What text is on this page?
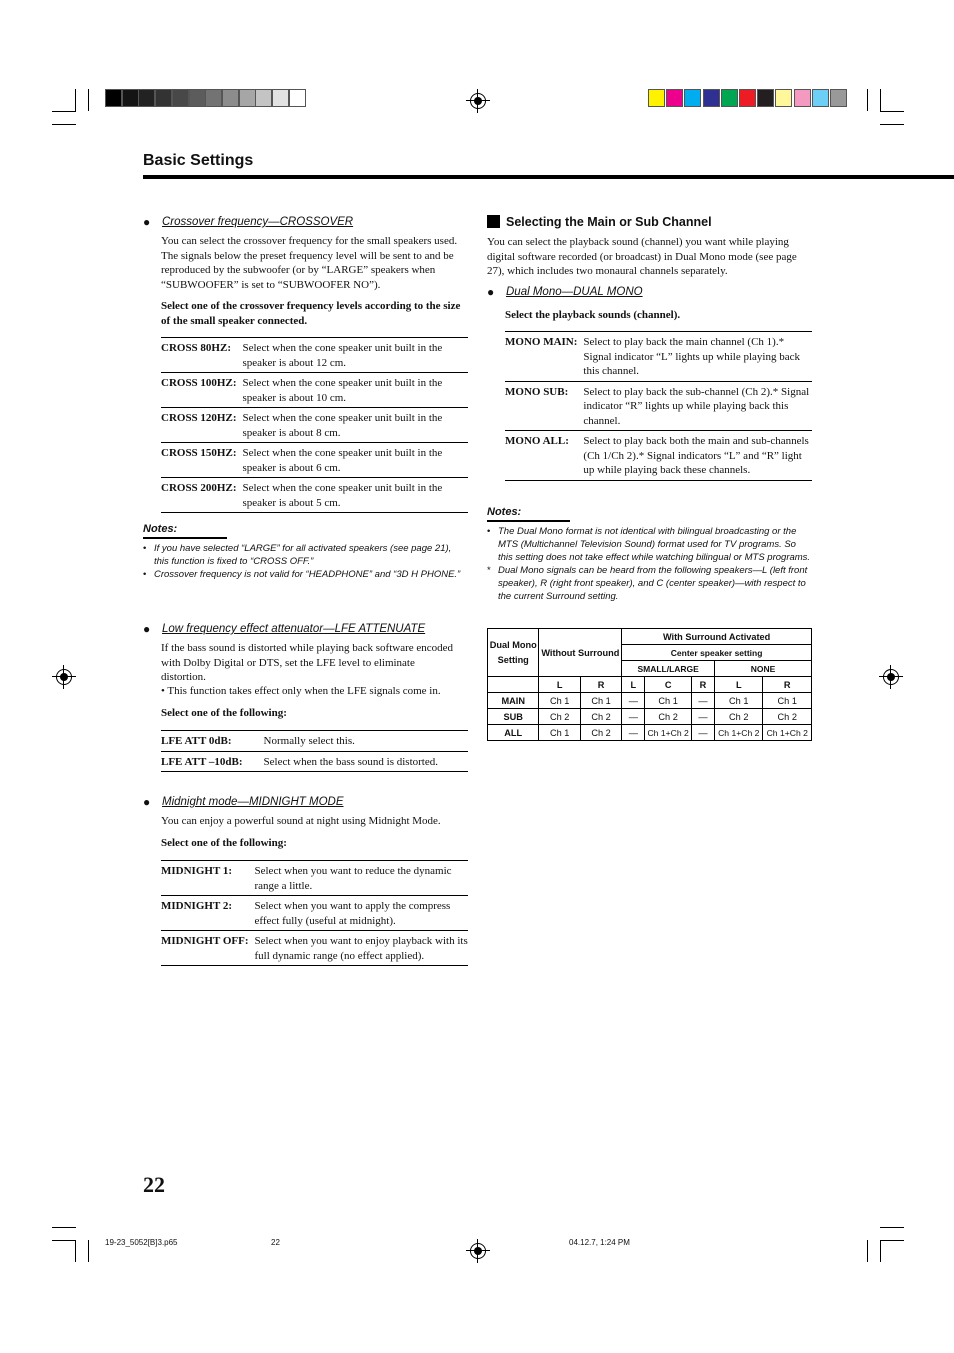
Basic Settings
● Crossover frequency—CROSSOVER
You can select the crossover frequency for the small speakers used. The signals below the preset frequency level will be sent to and be reproduced by the subwoofer (or by “LARGE” speakers when “SUBWOOFER” is set to “SUBWOOFER NO”).
Select one of the crossover frequency levels according to the size of the small speaker connected.
CROSS 80HZ:	Select when the cone speaker unit built in the speaker is about 12 cm.
CROSS 100HZ:	Select when the cone speaker unit built in the speaker is about 10 cm.
CROSS 120HZ:	Select when the cone speaker unit built in the speaker is about 8 cm.
CROSS 150HZ:	Select when the cone speaker unit built in the speaker is about 6 cm.
CROSS 200HZ:	Select when the cone speaker unit built in the speaker is about 5 cm.
Notes:
• If you have selected “LARGE” for all activated speakers (see page 21), this function is fixed to “CROSS OFF.”
• Crossover frequency is not valid for “HEADPHONE” and “3D H PHONE.”
● Low frequency effect attenuator—LFE ATTENUATE
If the bass sound is distorted while playing back software encoded with Dolby Digital or DTS, set the LFE level to eliminate distortion.
• This function takes effect only when the LFE signals come in.
Select one of the following:
LFE ATT 0dB:	Normally select this.
LFE ATT –10dB:	Select when the bass sound is distorted.
● Midnight mode—MIDNIGHT MODE
You can enjoy a powerful sound at night using Midnight Mode.
Select one of the following:
MIDNIGHT 1:	Select when you want to reduce the dynamic range a little.
MIDNIGHT 2:	Select when you want to apply the compress effect fully (useful at midnight).
MIDNIGHT OFF:	Select when you want to enjoy playback with its full dynamic range (no effect applied).
Selecting the Main or Sub Channel
You can select the playback sound (channel) you want while playing digital software recorded (or broadcast) in Dual Mono mode (see page 27), which includes two monaural channels separately.
● Dual Mono—DUAL MONO
Select the playback sounds (channel).
MONO MAIN:	Select to play back the main channel (Ch 1).* Signal indicator “L” lights up while playing back this channel.
MONO SUB:	Select to play back the sub-channel (Ch 2).* Signal indicator “R” lights up while playing back this channel.
MONO ALL:	Select to play back both the main and sub-channels (Ch 1/Ch 2).* Signal indicators “L” and “R” light up while playing back these channels.
Notes:
• The Dual Mono format is not identical with bilingual broadcasting or the MTS (Multichannel Television Sound) format used for TV programs. So this setting does not take effect while watching bilingual or MTS programs.
* Dual Mono signals can be heard from the following speakers—L (left front speaker), R (right front speaker), and C (center speaker)—with respect to the current Surround setting.
Dual Mono Setting	Without Surround		With Surround Activated				
			Center speaker setting				
			SMALL/LARGE			NONE	
	L	R	L	C	R	L	R
MAIN	Ch 1	Ch 1	—	Ch 1	—	Ch 1	Ch 1
SUB	Ch 2	Ch 2	—	Ch 2	—	Ch 2	Ch 2
ALL	Ch 1	Ch 2	—	Ch 1+Ch 2	—	Ch 1+Ch 2	Ch 1+Ch 2
22
19-23_5052[B]3.p65	22	04.12.7, 1:24 PM
